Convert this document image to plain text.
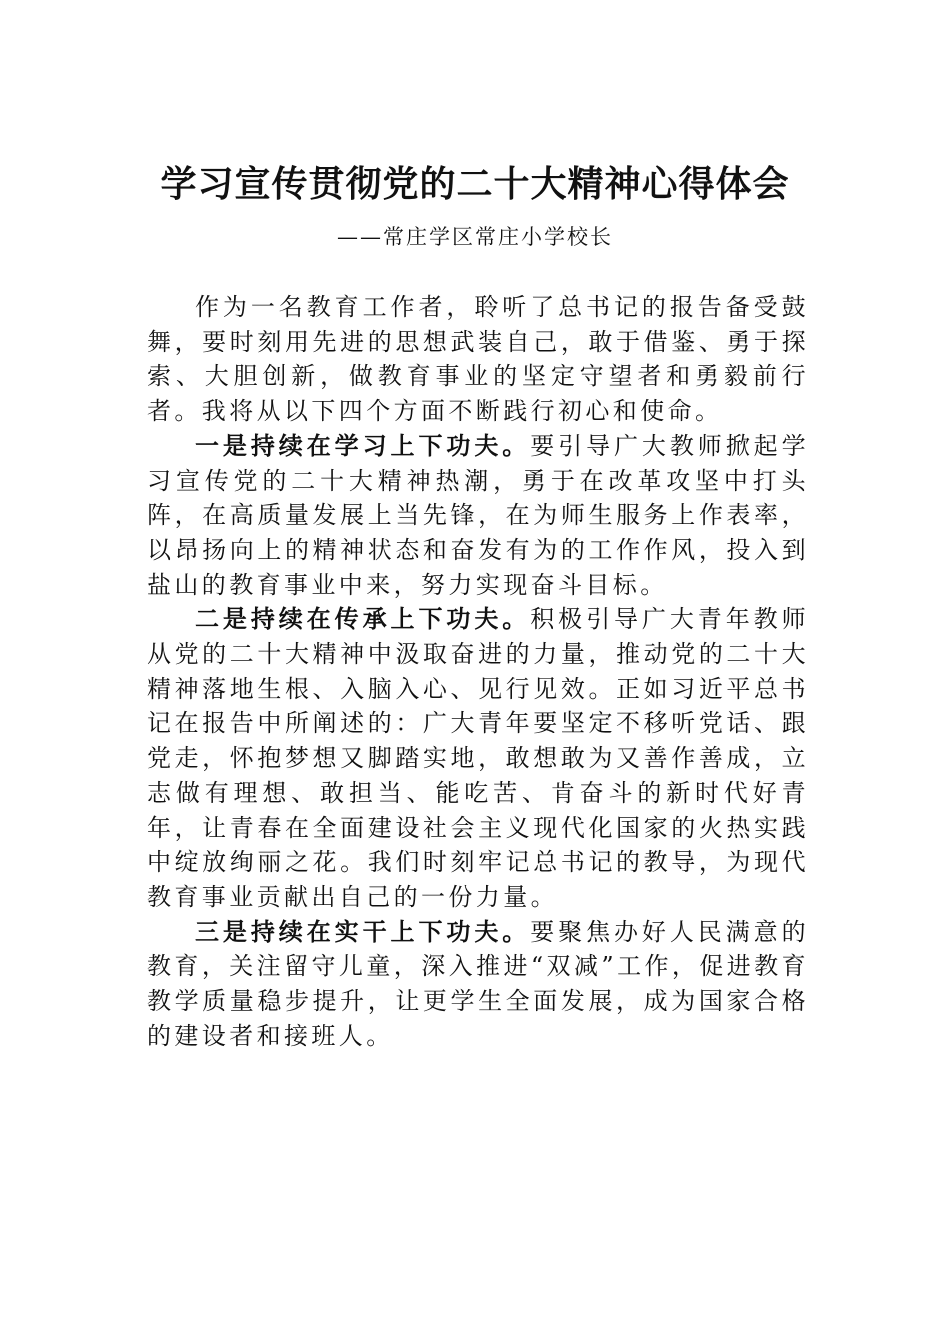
学习宣传贯彻党的二十大精神心得体会

——常庄学区常庄小学校长

作为一名教育工作者，聆听了总书记的报告备受鼓舞，要时刻用先进的思想武装自己，敢于借鉴、勇于探索、大胆创新，做教育事业的坚定守望者和勇毅前行者。我将从以下四个方面不断践行初心和使命。

一是持续在学习上下功夫。要引导广大教师掀起学习宣传党的二十大精神热潮，勇于在改革攻坚中打头阵，在高质量发展上当先锋，在为师生服务上作表率，以昂扬向上的精神状态和奋发有为的工作作风，投入到盐山的教育事业中来，努力实现奋斗目标。

二是持续在传承上下功夫。积极引导广大青年教师从党的二十大精神中汲取奋进的力量，推动党的二十大精神落地生根、入脑入心、见行见效。正如习近平总书记在报告中所阐述的：广大青年要坚定不移听党话、跟党走，怀抱梦想又脚踏实地，敢想敢为又善作善成，立志做有理想、敢担当、能吃苦、肯奋斗的新时代好青年，让青春在全面建设社会主义现代化国家的火热实践中绽放绚丽之花。我们时刻牢记总书记的教导，为现代教育事业贡献出自己的一份力量。

三是持续在实干上下功夫。要聚焦办好人民满意的教育，关注留守儿童，深入推进“双减”工作，促进教育教学质量稳步提升，让更学生全面发展，成为国家合格的建设者和接班人。
